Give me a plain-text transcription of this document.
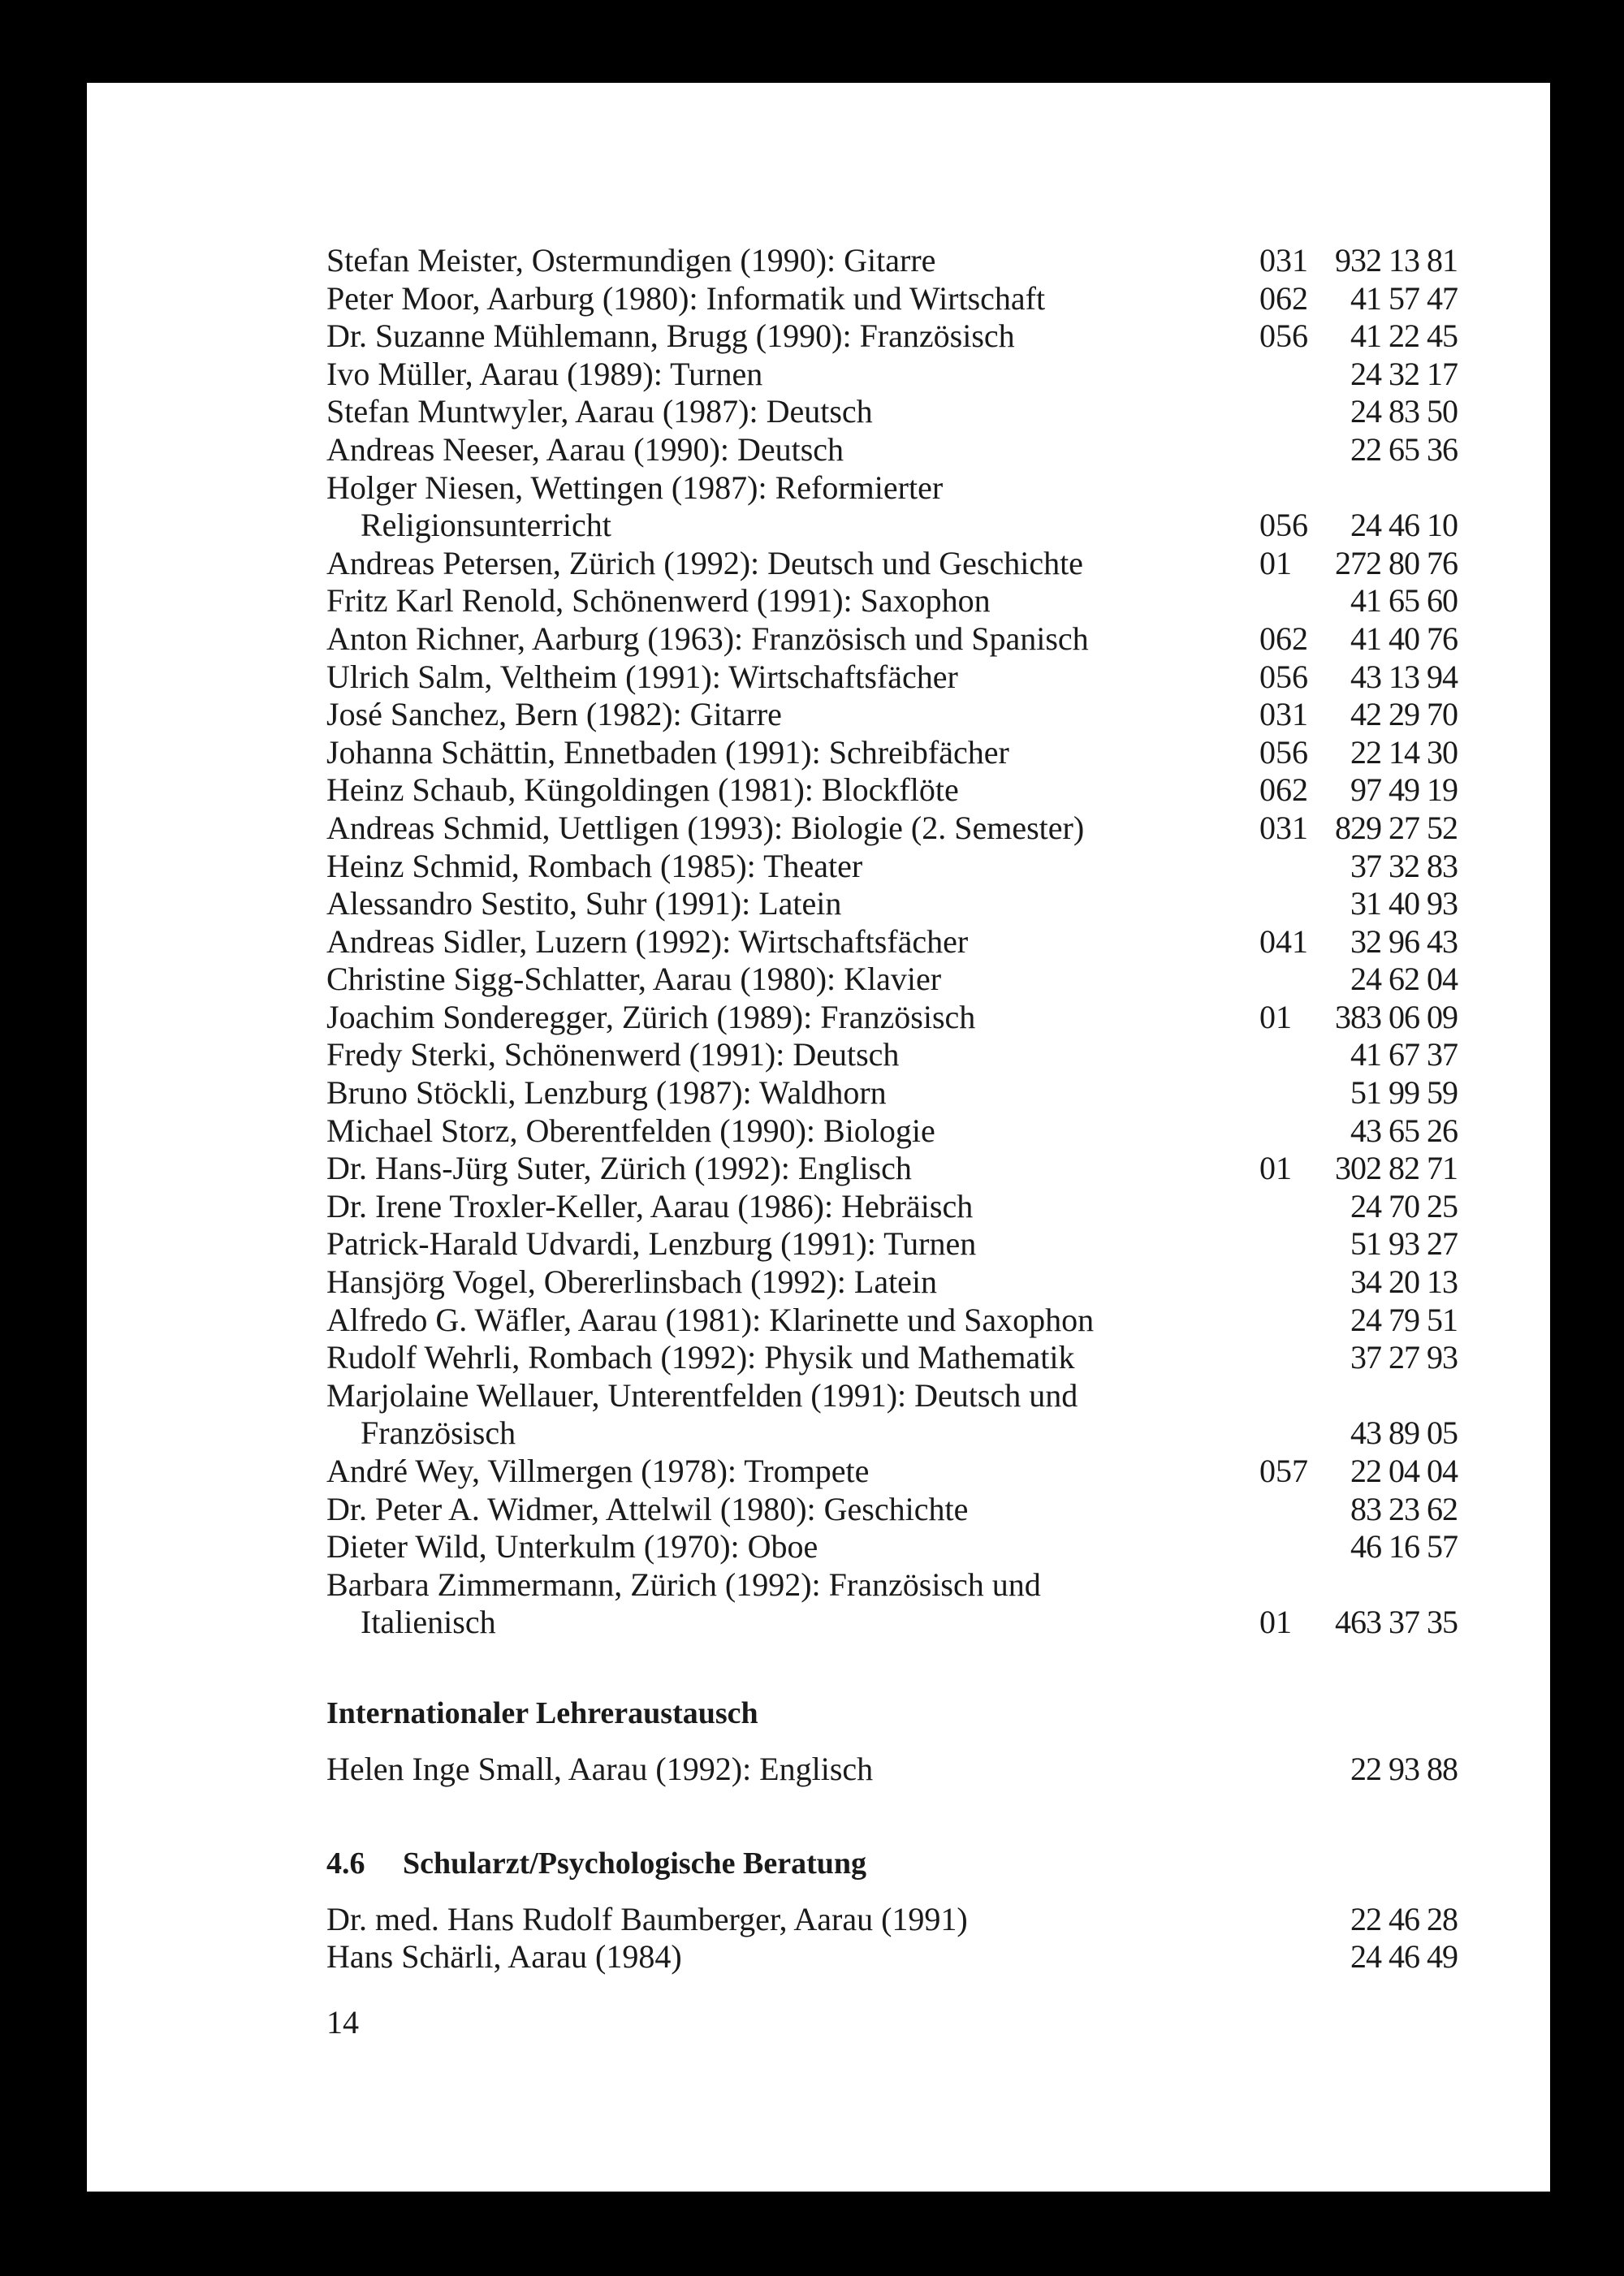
Stefan Meister, Ostermundigen (1990): Gitarre	031 932 13 81
Peter Moor, Aarburg (1980): Informatik und Wirtschaft	062 41 57 47
Dr. Suzanne Mühlemann, Brugg (1990): Französisch	056 41 22 45
Ivo Müller, Aarau (1989): Turnen	24 32 17
Stefan Muntwyler, Aarau (1987): Deutsch	24 83 50
Andreas Neeser, Aarau (1990): Deutsch	22 65 36
Holger Niesen, Wettingen (1987): Reformierter
Religionsunterricht	056 24 46 10
Andreas Petersen, Zürich (1992): Deutsch und Geschichte	01 272 80 76
Fritz Karl Renold, Schönenwerd (1991): Saxophon	41 65 60
Anton Richner, Aarburg (1963): Französisch und Spanisch	062 41 40 76
Ulrich Salm, Veltheim (1991): Wirtschaftsfächer	056 43 13 94
José Sanchez, Bern (1982): Gitarre	031 42 29 70
Johanna Schättin, Ennetbaden (1991): Schreibfächer	056 22 14 30
Heinz Schaub, Küngoldingen (1981): Blockflöte	062 97 49 19
Andreas Schmid, Uettligen (1993): Biologie (2. Semester)	031 829 27 52
Heinz Schmid, Rombach (1985): Theater	37 32 83
Alessandro Sestito, Suhr (1991): Latein	31 40 93
Andreas Sidler, Luzern (1992): Wirtschaftsfächer	041 32 96 43
Christine Sigg-Schlatter, Aarau (1980): Klavier	24 62 04
Joachim Sonderegger, Zürich (1989): Französisch	01 383 06 09
Fredy Sterki, Schönenwerd (1991): Deutsch	41 67 37
Bruno Stöckli, Lenzburg (1987): Waldhorn	51 99 59
Michael Storz, Oberentfelden (1990): Biologie	43 65 26
Dr. Hans-Jürg Suter, Zürich (1992): Englisch	01 302 82 71
Dr. Irene Troxler-Keller, Aarau (1986): Hebräisch	24 70 25
Patrick-Harald Udvardi, Lenzburg (1991): Turnen	51 93 27
Hansjörg Vogel, Obererlinsbach (1992): Latein	34 20 13
Alfredo G. Wäfler, Aarau (1981): Klarinette und Saxophon	24 79 51
Rudolf Wehrli, Rombach (1992): Physik und Mathematik	37 27 93
Marjolaine Wellauer, Unterentfelden (1991): Deutsch und
Französisch	43 89 05
André Wey, Villmergen (1978): Trompete	057 22 04 04
Dr. Peter A. Widmer, Attelwil (1980): Geschichte	83 23 62
Dieter Wild, Unterkulm (1970): Oboe	46 16 57
Barbara Zimmermann, Zürich (1992): Französisch und
Italienisch	01 463 37 35
Internationaler Lehreraustausch
Helen Inge Small, Aarau (1992): Englisch	22 93 88
4.6 Schularzt/Psychologische Beratung
Dr. med. Hans Rudolf Baumberger, Aarau (1991)	22 46 28
Hans Schärli, Aarau (1984)	24 46 49
14
